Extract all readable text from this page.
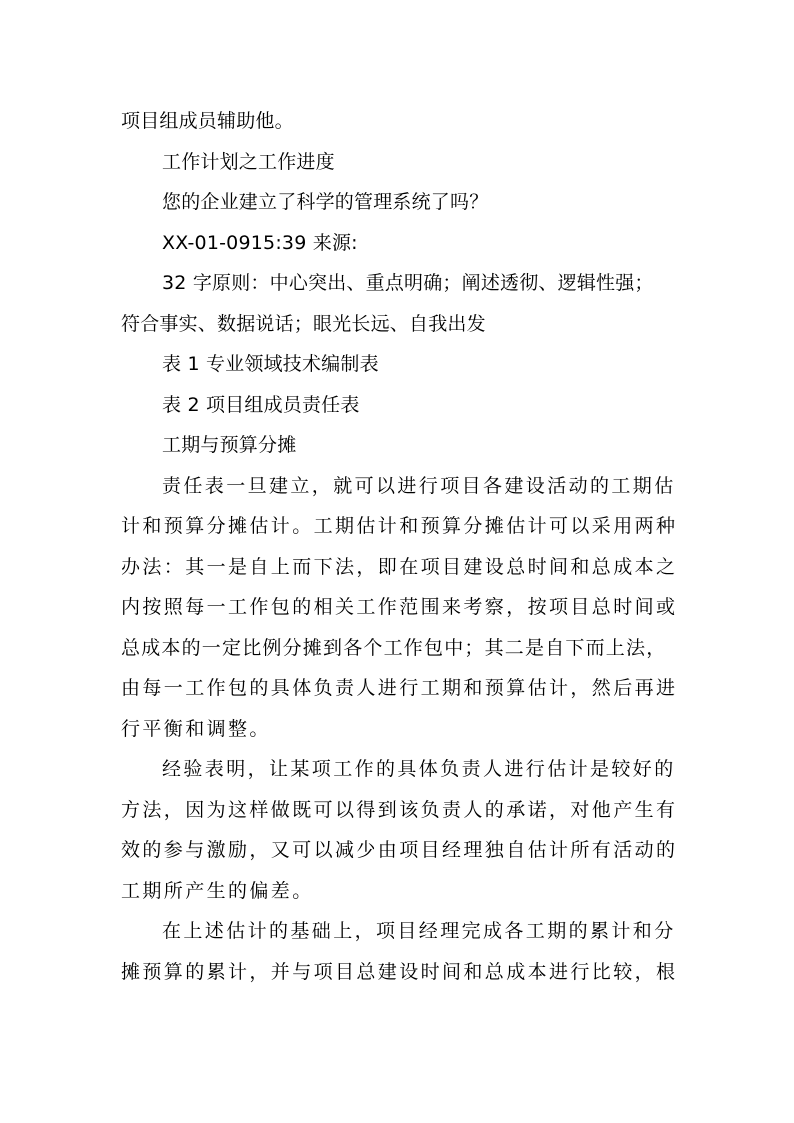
项目组成员辅助他。
工作计划之工作进度
您的企业建立了科学的管理系统了吗？
XX-01-0915:39 来源:
32 字原则：中心突出、重点明确；阐述透彻、逻辑性强；
符合事实、数据说话；眼光长远、自我出发
表 1 专业领域技术编制表
表 2 项目组成员责任表
工期与预算分摊
责任表一旦建立，就可以进行项目各建设活动的工期估
计和预算分摊估计。工期估计和预算分摊估计可以采用两种
办法：其一是自上而下法，即在项目建设总时间和总成本之
内按照每一工作包的相关工作范围来考察，按项目总时间或
总成本的一定比例分摊到各个工作包中；其二是自下而上法，
由每一工作包的具体负责人进行工期和预算估计，然后再进
行平衡和调整。
经验表明，让某项工作的具体负责人进行估计是较好的
方法，因为这样做既可以得到该负责人的承诺，对他产生有
效的参与激励，又可以减少由项目经理独自估计所有活动的
工期所产生的偏差。
在上述估计的基础上，项目经理完成各工期的累计和分
摊预算的累计，并与项目总建设时间和总成本进行比较，根
